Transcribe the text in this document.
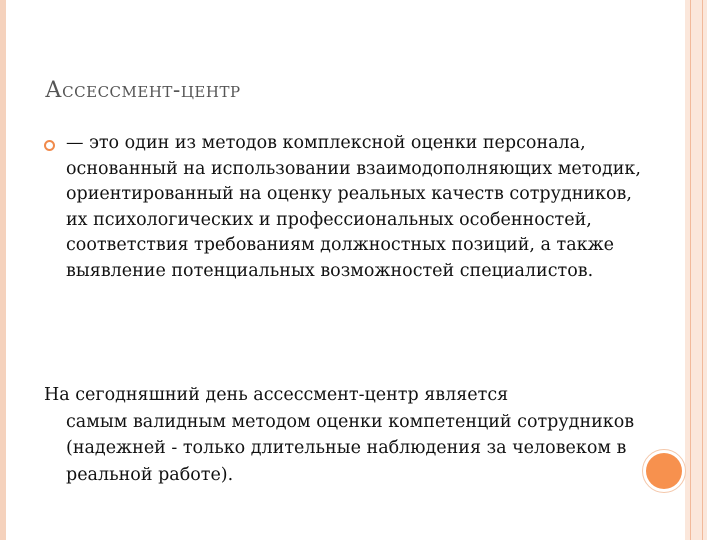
Ассессмент-центр
— это один из методов комплексной оценки персонала, основанный на использовании взаимодополняющих методик, ориентированный на оценку реальных качеств сотрудников, их психологических и профессиональных особенностей, соответствия требованиям должностных позиций, а также выявление потенциальных возможностей специалистов.
На сегодняшний день ассессмент-центр является
самым валидным методом оценки компетенций сотрудников (надежней - только длительные наблюдения за человеком в реальной работе).
